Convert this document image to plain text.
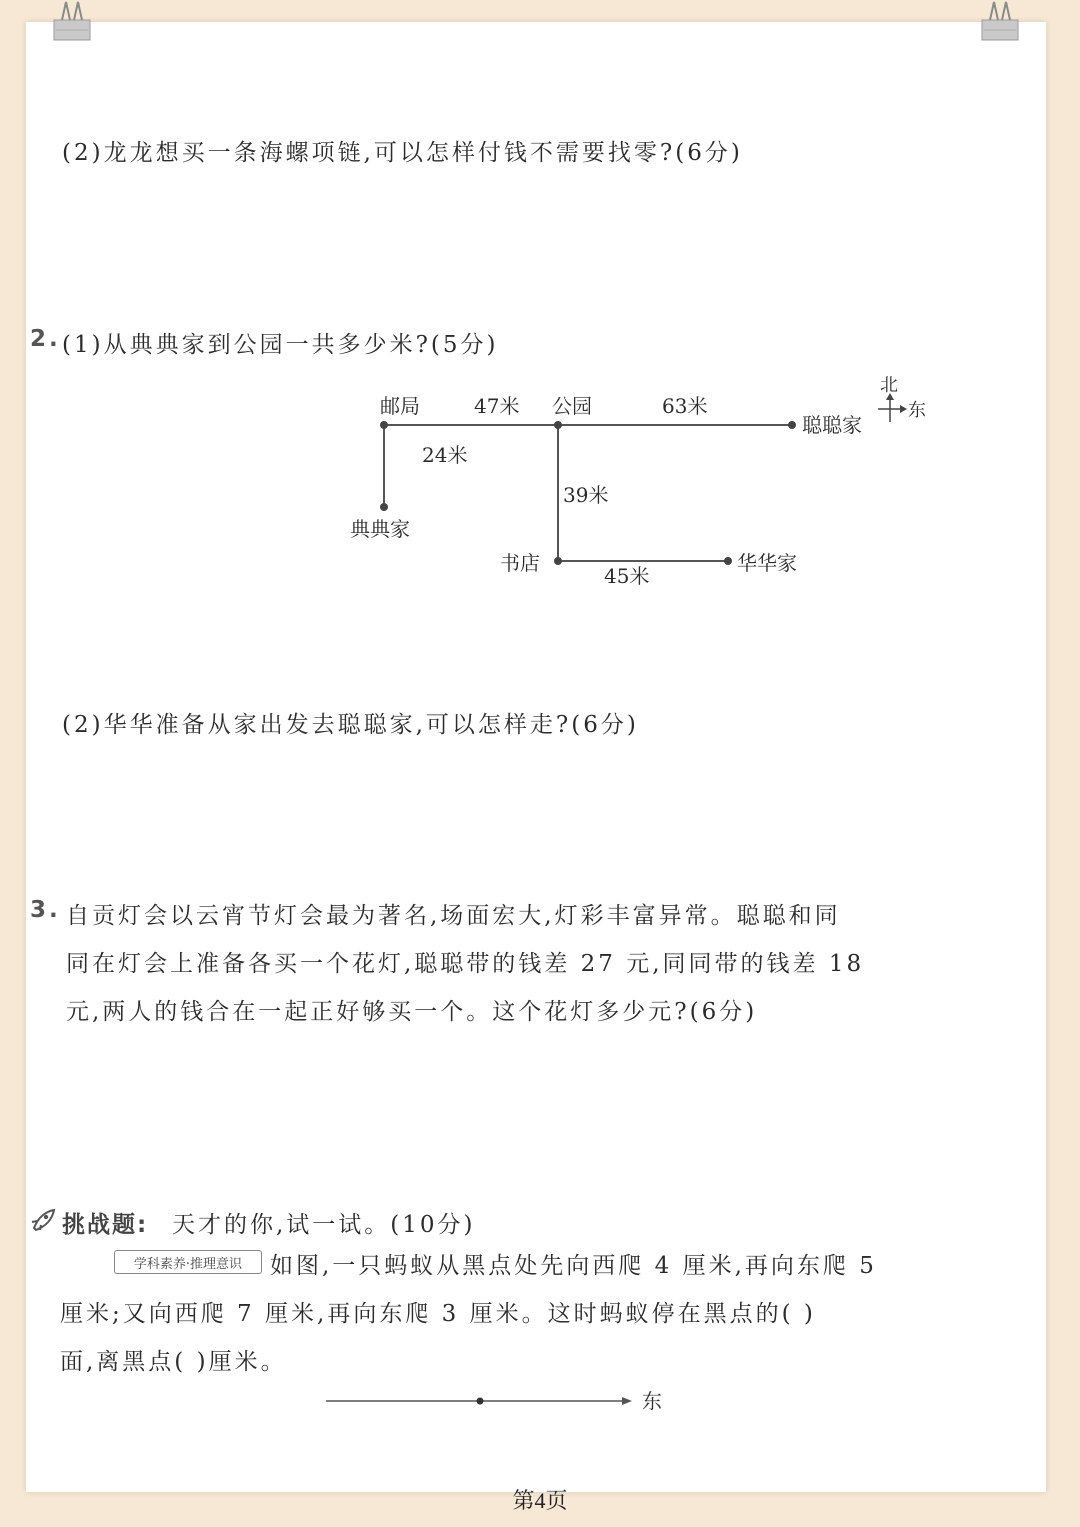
(2)龙龙想买一条海螺项链,可以怎样付钱不需要找零?(6分)
2. (1)从典典家到公园一共多少米?(5分)
邮局	47米 公园	63米
聪聪家
24米
典典家
39米
书店
45米
华华家
北
东
(2)华华准备从家出发去聪聪家,可以怎样走?(6分)
3. 自贡灯会以云宵节灯会最为著名,场面宏大,灯彩丰富异常。聪聪和同
同在灯会上准备各买一个花灯,聪聪带的钱差 27 元,同同带的钱差 18
元,两人的钱合在一起正好够买一个。这个花灯多少元?(6分)
挑战题: 天才的你,试一试。(10分)
学科素养·推理意识	如图,一只蚂蚁从黑点处先向西爬 4 厘米,再向东爬 5
厘米;又向西爬 7 厘米,再向东爬 3 厘米。这时蚂蚁停在黑点的( )
面,离黑点( )厘米。
东
第4页
